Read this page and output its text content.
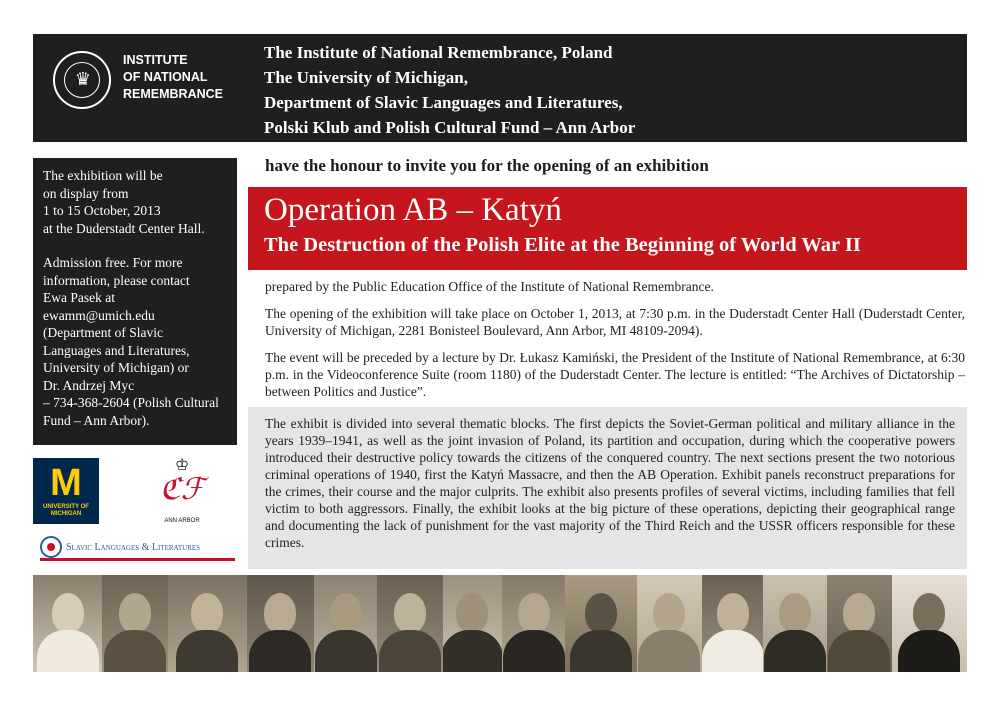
♛
INSTITUTE
OF NATIONAL
REMEMBRANCE
The Institute of National Remembrance, Poland
The University of Michigan,
Department of Slavic Languages and Literatures,
Polski Klub and Polish Cultural Fund – Ann Arbor

The exhibition will be
on display from
1 to 15 October, 2013
at the Duderstadt Center Hall.

Admission free. For more
information, please contact
Ewa Pasek at
ewamm@umich.edu
(Department of Slavic
Languages and Literatures,
University of Michigan) or
Dr. Andrzej Myc
– 734-368-2604 (Polish Cultural
Fund – Ann Arbor).

M
UNIVERSITY OF
MICHIGAN
♔
ℭℱ
ANN ARBOR
Slavic Languages & Literatures
have the honour to invite you for the opening of an exhibition
Operation AB – Katyń
The Destruction of the Polish Elite at the Beginning of World War II

prepared by the Public Education Office of the Institute of National Remembrance.

The opening of the exhibition will take place on October 1, 2013, at 7:30 p.m. in the Duderstadt Center Hall (Duderstadt Center, University of Michigan, 2281 Bonisteel Boulevard, Ann Arbor, MI 48109-2094).

The event will be preceded by a lecture by Dr. Łukasz Kamiński, the President of the Institute of National Remembrance, at 6:30 p.m. in the Videoconference Suite (room 1180) of the Duderstadt Center. The lecture is entitled: “The Archives of Dictatorship – between Politics and Justice”.

The exhibit is divided into several thematic blocks. The first depicts the Soviet-German political and military alliance in the years 1939–1941, as well as the joint invasion of Poland, its partition and occupation, during which the cooperative powers introduced their destructive policy towards the citizens of the conquered country. The next sections present the two notorious criminal operations of 1940, first the Katyń Massacre, and then the AB Operation. Exhibit panels reconstruct preparations for the crimes, their course and the major culprits. The exhibit also presents profiles of several victims, including families that fell victim to both aggressors. Finally, the exhibit looks at the big picture of these operations, depicting their geographical range and documenting the lack of punishment for the vast majority of the Third Reich and the USSR officers responsible for these crimes.
